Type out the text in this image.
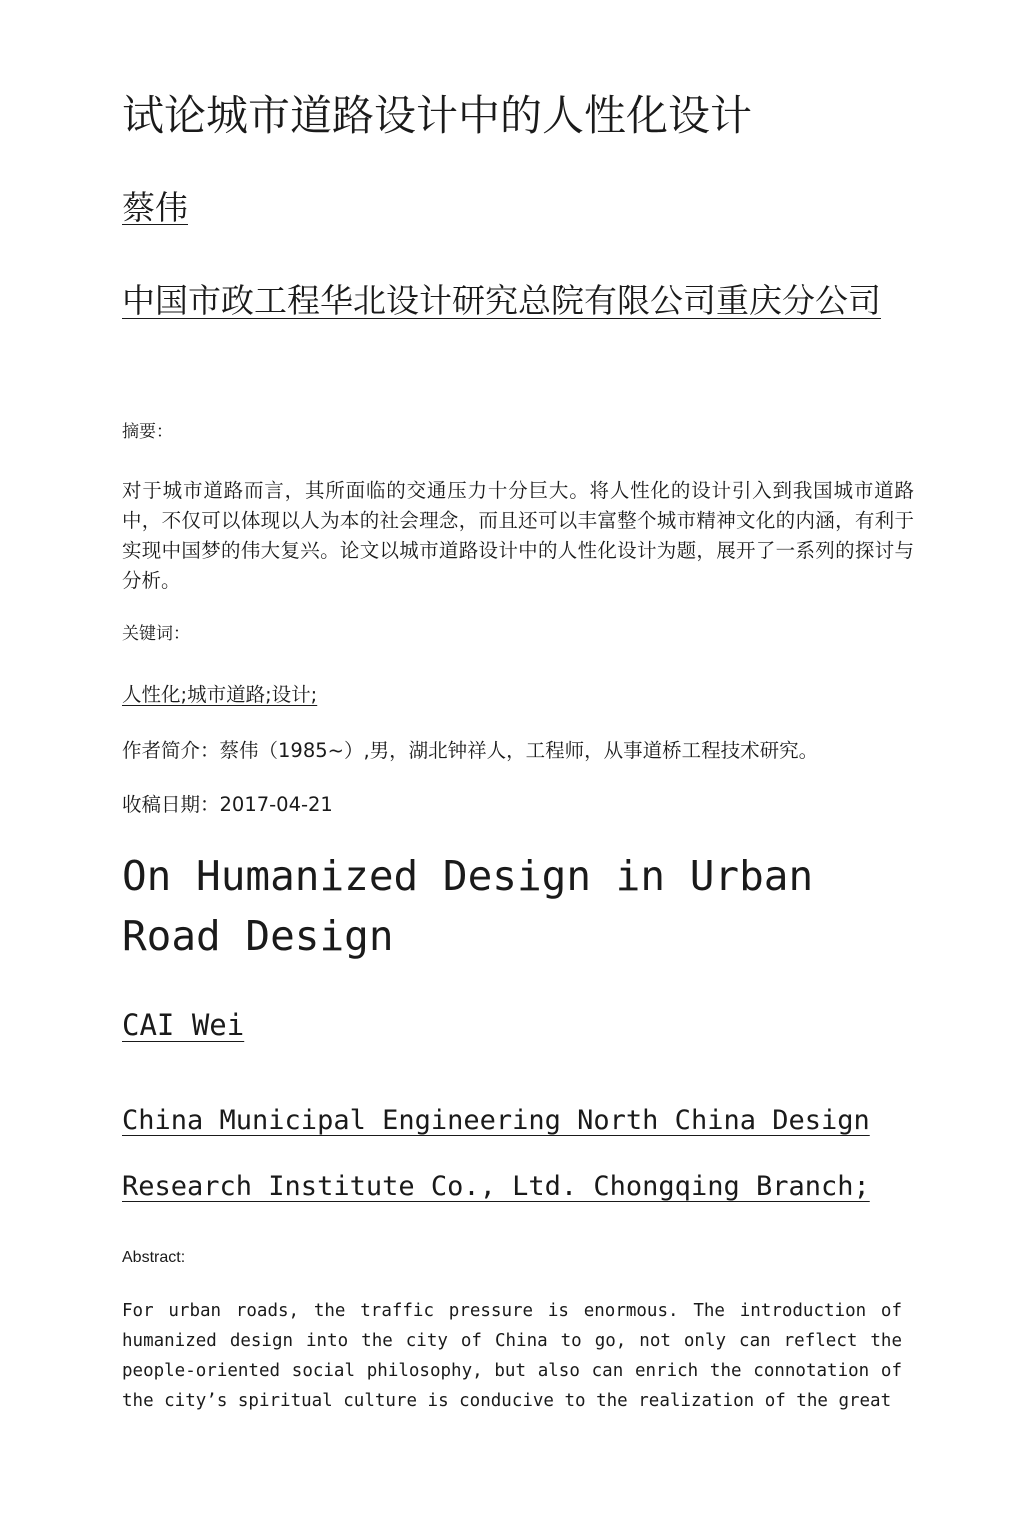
试论城市道路设计中的人性化设计
蔡伟
中国市政工程华北设计研究总院有限公司重庆分公司
摘要：
对于城市道路而言，其所面临的交通压力十分巨大。将人性化的设计引入到我国城市道路中，不仅可以体现以人为本的社会理念，而且还可以丰富整个城市精神文化的内涵，有利于实现中国梦的伟大复兴。论文以城市道路设计中的人性化设计为题，展开了一系列的探讨与分析。
关键词：
人性化;城市道路;设计;
作者简介：蔡伟（1985~）,男，湖北钟祥人，工程师，从事道桥工程技术研究。
收稿日期：2017-04-21
On Humanized Design in Urban Road Design
CAI Wei
China Municipal Engineering North China Design Research Institute Co., Ltd. Chongqing Branch;
Abstract:
For urban roads, the traffic pressure is enormous. The introduction of humanized design into the city of China to go, not only can reflect the people-oriented social philosophy, but also can enrich the connotation of the city’s spiritual culture is conducive to the realization of the great
